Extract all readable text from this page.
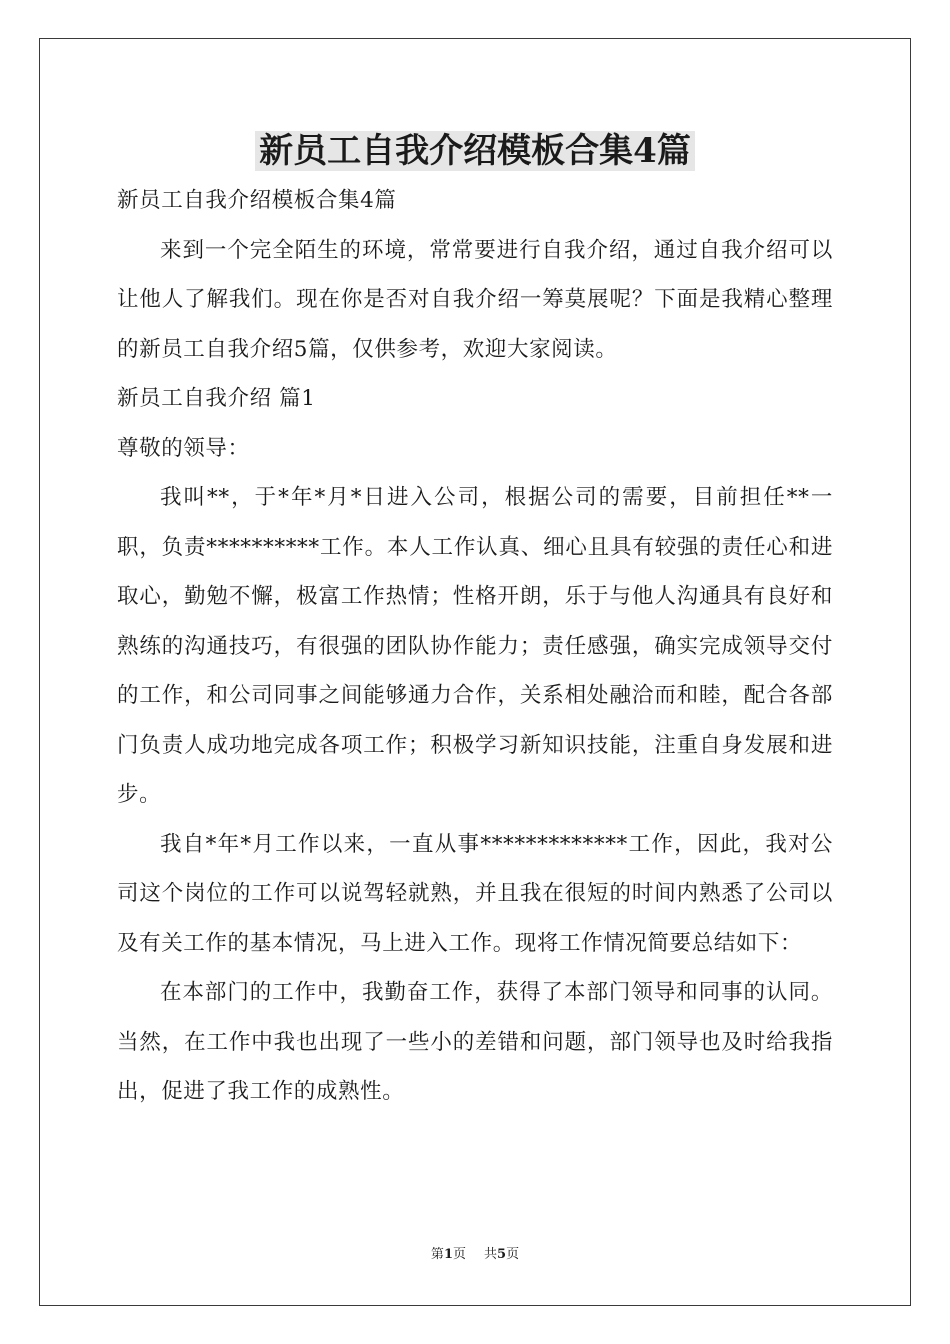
新员工自我介绍模板合集4篇

新员工自我介绍模板合集4篇

来到一个完全陌生的环境，常常要进行自我介绍，通过自我介绍可以让他人了解我们。现在你是否对自我介绍一筹莫展呢？下面是我精心整理的新员工自我介绍5篇，仅供参考，欢迎大家阅读。

新员工自我介绍 篇1

尊敬的领导：

我叫**，于*年*月*日进入公司，根据公司的需要，目前担任**一职，负责**********工作。本人工作认真、细心且具有较强的责任心和进取心，勤勉不懈，极富工作热情；性格开朗，乐于与他人沟通具有良好和熟练的沟通技巧，有很强的团队协作能力；责任感强，确实完成领导交付的工作，和公司同事之间能够通力合作，关系相处融洽而和睦，配合各部门负责人成功地完成各项工作；积极学习新知识技能，注重自身发展和进步。

我自*年*月工作以来，一直从事*************工作，因此，我对公司这个岗位的工作可以说驾轻就熟，并且我在很短的时间内熟悉了公司以及有关工作的基本情况，马上进入工作。现将工作情况简要总结如下：

在本部门的工作中，我勤奋工作，获得了本部门领导和同事的认同。当然，在工作中我也出现了一些小的差错和问题，部门领导也及时给我指出，促进了我工作的成熟性。

第1页 共5页
